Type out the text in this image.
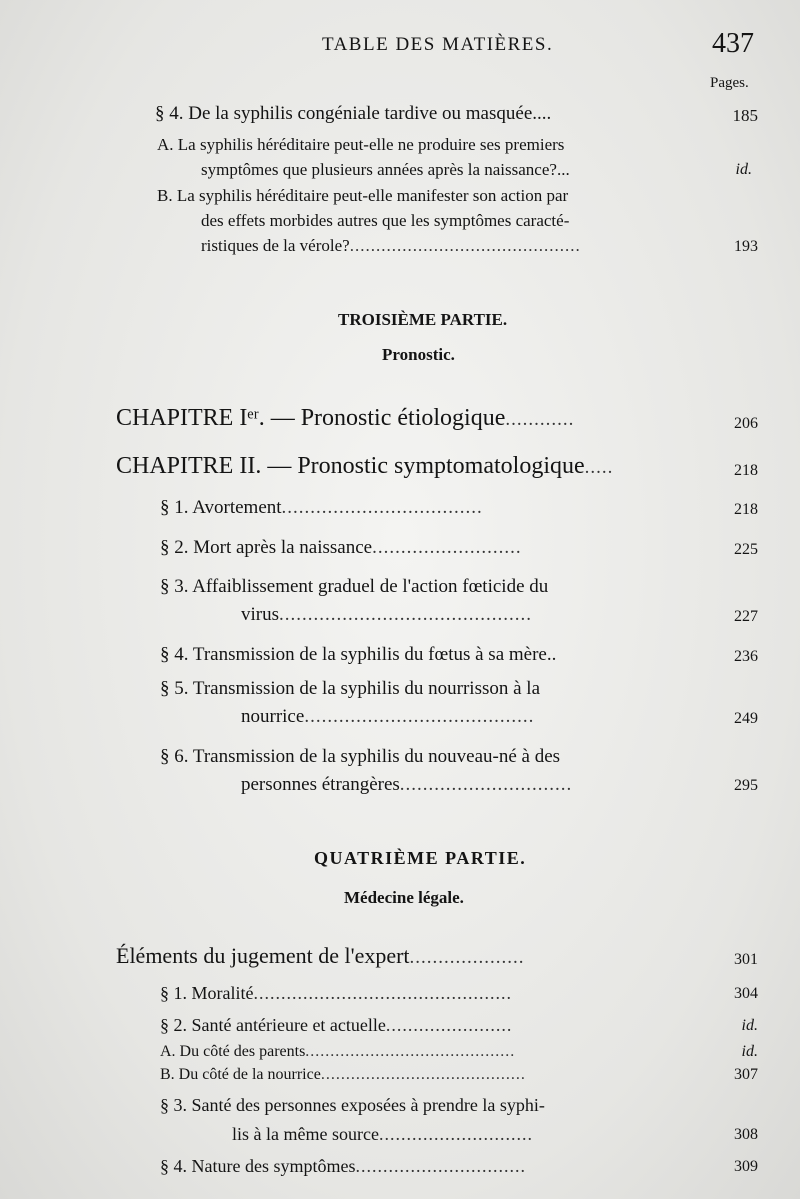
TABLE DES MATIÈRES.	437
Pages.
§ 4. De la syphilis congéniale tardive ou masquée....	185
A. La syphilis héréditaire peut-elle ne produire ses premiers
symptômes que plusieurs années après la naissance?...	id.
B. La syphilis héréditaire peut-elle manifester son action par
des effets morbides autres que les symptômes caracté-
ristiques de la vérole?............................................	193
TROISIÈME PARTIE.
Pronostic.
CHAPITRE Iᵉʳ. — Pronostic étiologique............	206
CHAPITRE II. — Pronostic symptomatologique.....	218
§ 1. Avortement...................................	218
§ 2. Mort après la naissance..........................	225
§ 3. Affaiblissement graduel de l'action fœticide du
virus............................................	227
§ 4. Transmission de la syphilis du fœtus à sa mère..	236
§ 5. Transmission de la syphilis du nourrisson à la
nourrice........................................	249
§ 6. Transmission de la syphilis du nouveau-né à des
personnes étrangères..............................	295
QUATRIÈME PARTIE.
Médecine légale.
Éléments du jugement de l'expert....................	301
§ 1. Moralité...............................................	304
§ 2. Santé antérieure et actuelle.......................	id.
A. Du côté des parents..........................................	id.
B. Du côté de la nourrice.........................................	307
§ 3. Santé des personnes exposées à prendre la syphi-
lis à la même source............................	308
§ 4. Nature des symptômes...............................	309
